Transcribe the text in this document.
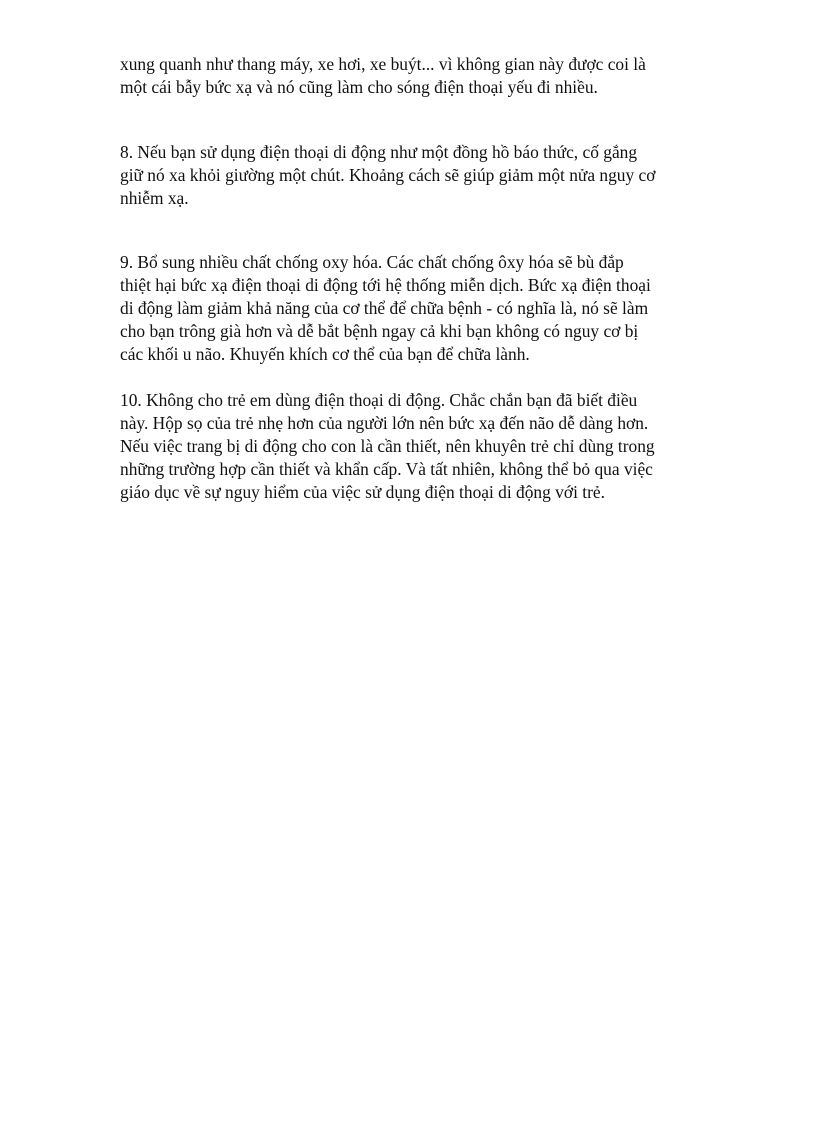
xung quanh như thang máy, xe hơi, xe buýt... vì không gian này được coi là
một cái bẫy bức xạ và nó cũng làm cho sóng điện thoại yếu đi nhiều.
8. Nếu bạn sử dụng điện thoại di động như một đồng hồ báo thức, cố gắng
giữ nó xa khỏi giường một chút. Khoảng cách sẽ giúp giảm một nửa nguy cơ
nhiễm xạ.
9. Bổ sung nhiều chất chống oxy hóa. Các chất chống ôxy hóa sẽ bù đắp
thiệt hại bức xạ điện thoại di động tới hệ thống miễn dịch. Bức xạ điện thoại
di động làm giảm khả năng của cơ thể để chữa bệnh - có nghĩa là, nó sẽ làm
cho bạn trông già hơn và dễ bắt bệnh ngay cả khi bạn không có nguy cơ bị
các khối u não. Khuyến khích cơ thể của bạn để chữa lành.
10. Không cho trẻ em dùng điện thoại di động. Chắc chắn bạn đã biết điều
này. Hộp sọ của trẻ nhẹ hơn của người lớn nên bức xạ đến não dễ dàng hơn.
Nếu việc trang bị di động cho con là cần thiết, nên khuyên trẻ chỉ dùng trong
những trường hợp cần thiết và khẩn cấp. Và tất nhiên, không thể bỏ qua việc
giáo dục về sự nguy hiểm của việc sử dụng điện thoại di động với trẻ.
